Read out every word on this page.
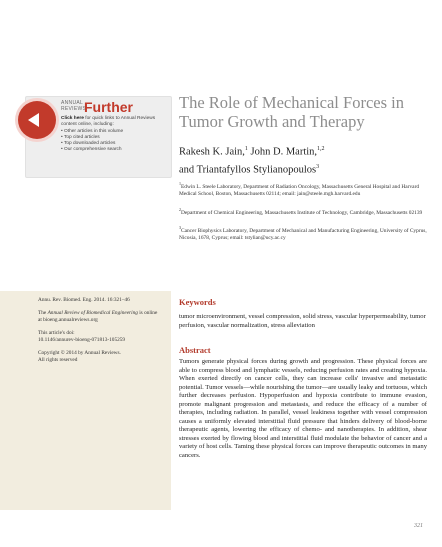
ANNUAL REVIEWS
Further
Click here for quick links to Annual Reviews content online, including:
• Other articles in this volume
• Top cited articles
• Top downloaded articles
• Our comprehensive search
The Role of Mechanical Forces in Tumor Growth and Therapy
Rakesh K. Jain,$^1$ John D. Martin,$^{1,2}$
and Triantafyllos Stylianopoulos$^3$
$^1$Edwin L. Steele Laboratory, Department of Radiation Oncology, Massachusetts General Hospital and Harvard Medical School, Boston, Massachusetts 02114; email: jain@steele.mgh.harvard.edu
$^2$Department of Chemical Engineering, Massachusetts Institute of Technology, Cambridge, Massachusetts 02139
$^3$Cancer Biophysics Laboratory, Department of Mechanical and Manufacturing Engineering, University of Cyprus, Nicosia, 1678, Cyprus; email: tstylian@ucy.ac.cy

Annu. Rev. Biomed. Eng. 2014. 16:321–46

The Annual Review of Biomedical Engineering is online at bioeng.annualreviews.org

This article's doi:
10.1146/annurev-bioeng-071813-105259

Copyright © 2014 by Annual Reviews.
All rights reserved

Keywords
tumor microenvironment, vessel compression, solid stress, vascular hyperpermeability, tumor perfusion, vascular normalization, stress alleviation
Abstract
Tumors generate physical forces during growth and progression. These physical forces are able to compress blood and lymphatic vessels, reducing perfusion rates and creating hypoxia. When exerted directly on cancer cells, they can increase cells' invasive and metastatic potential. Tumor vessels—while nourishing the tumor—are usually leaky and tortuous, which further decreases perfusion. Hypoperfusion and hypoxia contribute to immune evasion, promote malignant progression and metastasis, and reduce the efficacy of a number of therapies, including radiation. In parallel, vessel leakiness together with vessel compression causes a uniformly elevated interstitial fluid pressure that hinders delivery of blood-borne therapeutic agents, lowering the efficacy of chemo- and nanotherapies. In addition, shear stresses exerted by flowing blood and interstitial fluid modulate the behavior of cancer and a variety of host cells. Taming these physical forces can improve therapeutic outcomes in many cancers.
321
